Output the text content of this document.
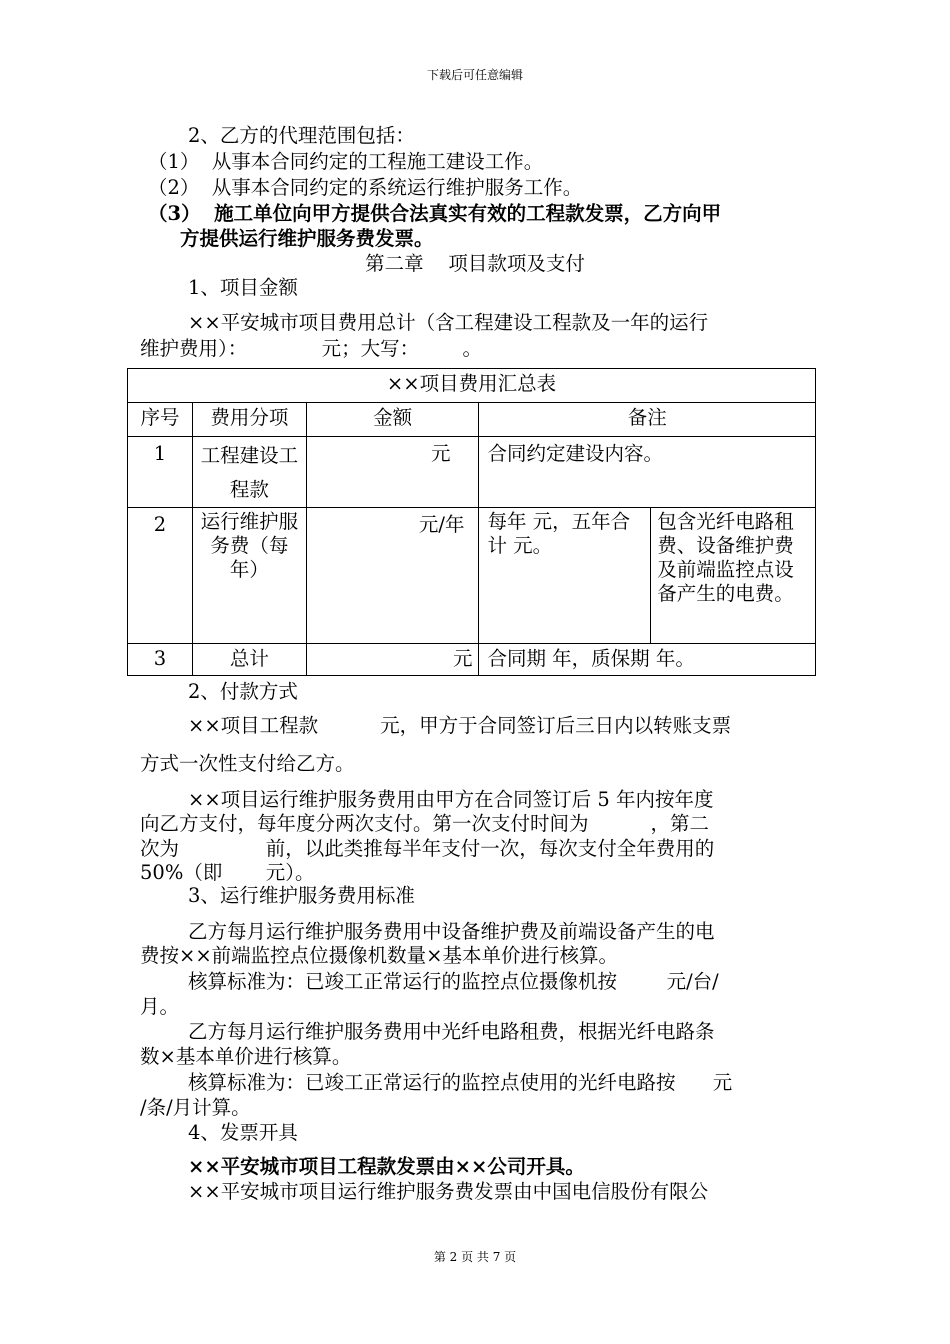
下载后可任意编辑
2、乙方的代理范围包括：
（1）  从事本合同约定的工程施工建设工作。
（2）  从事本合同约定的系统运行维护服务工作。
（3）  施工单位向甲方提供合法真实有效的工程款发票，乙方向甲
方提供运行维护服务费发票。
第二章    项目款项及支付
1、项目金额
××平安城市项目费用总计（含工程建设工程款及一年的运行
维护费用）：            元；大写：       。
××项目费用汇总表				
序号	费用分项	金额	备注	
1	工程建设工程款	元	合同约定建设内容。	
2	运行维护服务费（每年）	元/年	每年 元，五年合计 元。	包含光纤电路租费、设备维护费及前端监控点设备产生的电费。
3	总计	元	合同期 年，质保期 年。	
2、付款方式
××项目工程款          元，甲方于合同签订后三日内以转账支票
方式一次性支付给乙方。
××项目运行维护服务费用由甲方在合同签订后 5 年内按年度
向乙方支付，每年度分两次支付。第一次支付时间为          ，第二
次为              前，以此类推每半年支付一次，每次支付全年费用的
50%（即       元）。
3、运行维护服务费用标准
乙方每月运行维护服务费用中设备维护费及前端设备产生的电
费按××前端监控点位摄像机数量×基本单价进行核算。
核算标准为：已竣工正常运行的监控点位摄像机按        元/台/
月。
乙方每月运行维护服务费用中光纤电路租费，根据光纤电路条
数×基本单价进行核算。
核算标准为：已竣工正常运行的监控点使用的光纤电路按      元
/条/月计算。
4、发票开具
××平安城市项目工程款发票由××公司开具。
××平安城市项目运行维护服务费发票由中国电信股份有限公
第 2 页 共 7 页
